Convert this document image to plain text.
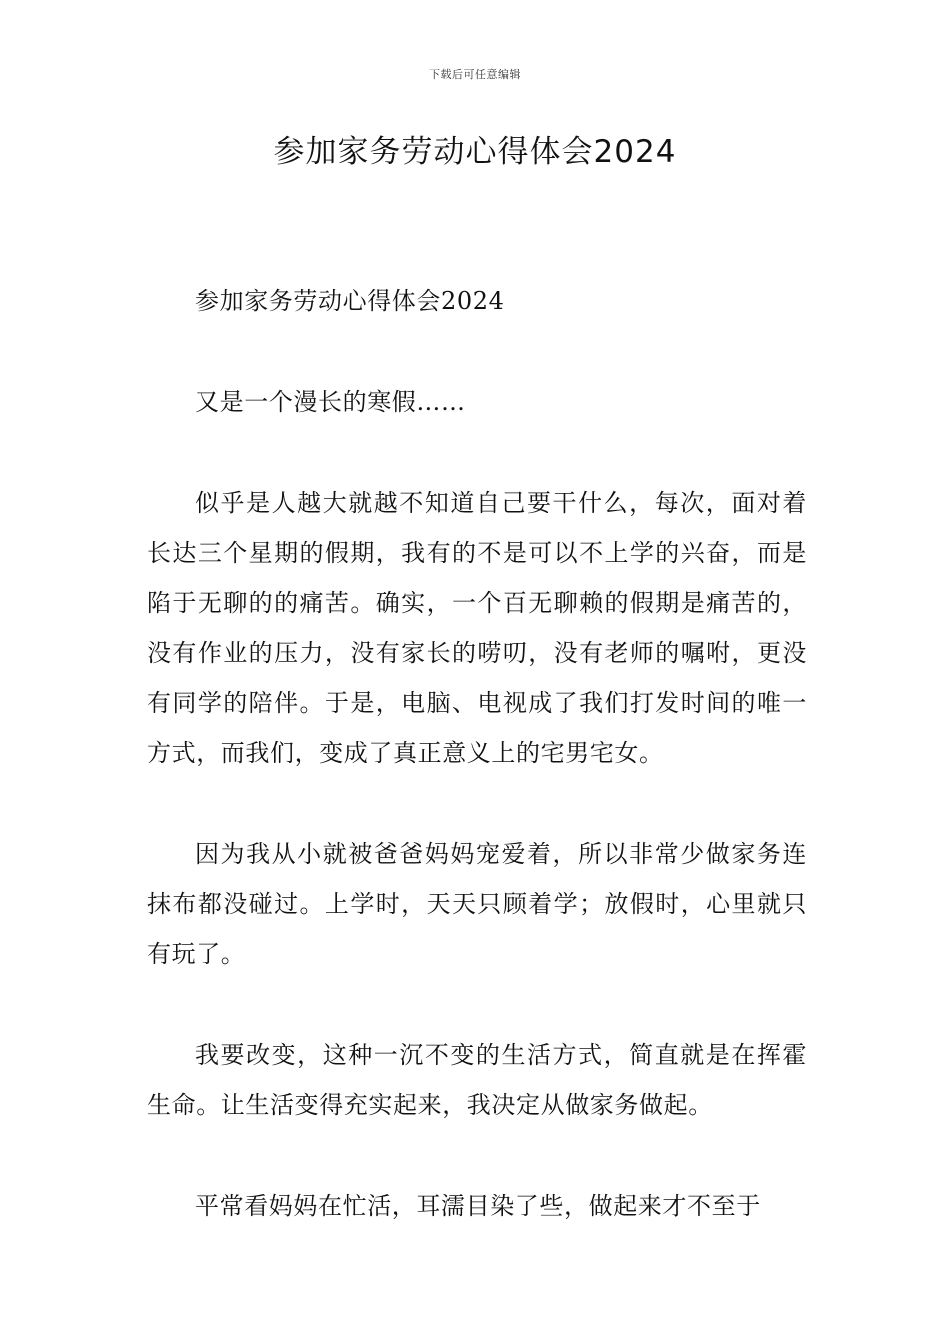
下载后可任意编辑
参加家务劳动心得体会2024

参加家务劳动心得体会2024

又是一个漫长的寒假……

似乎是人越大就越不知道自己要干什么，每次，面对着长达三个星期的假期，我有的不是可以不上学的兴奋，而是陷于无聊的的痛苦。确实，一个百无聊赖的假期是痛苦的，没有作业的压力，没有家长的唠叨，没有老师的嘱咐，更没有同学的陪伴。于是，电脑、电视成了我们打发时间的唯一方式，而我们，变成了真正意义上的宅男宅女。

因为我从小就被爸爸妈妈宠爱着，所以非常少做家务连抹布都没碰过。上学时，天天只顾着学；放假时，心里就只有玩了。

我要改变，这种一沉不变的生活方式，简直就是在挥霍生命。让生活变得充实起来，我决定从做家务做起。

平常看妈妈在忙活，耳濡目染了些，做起来才不至于
